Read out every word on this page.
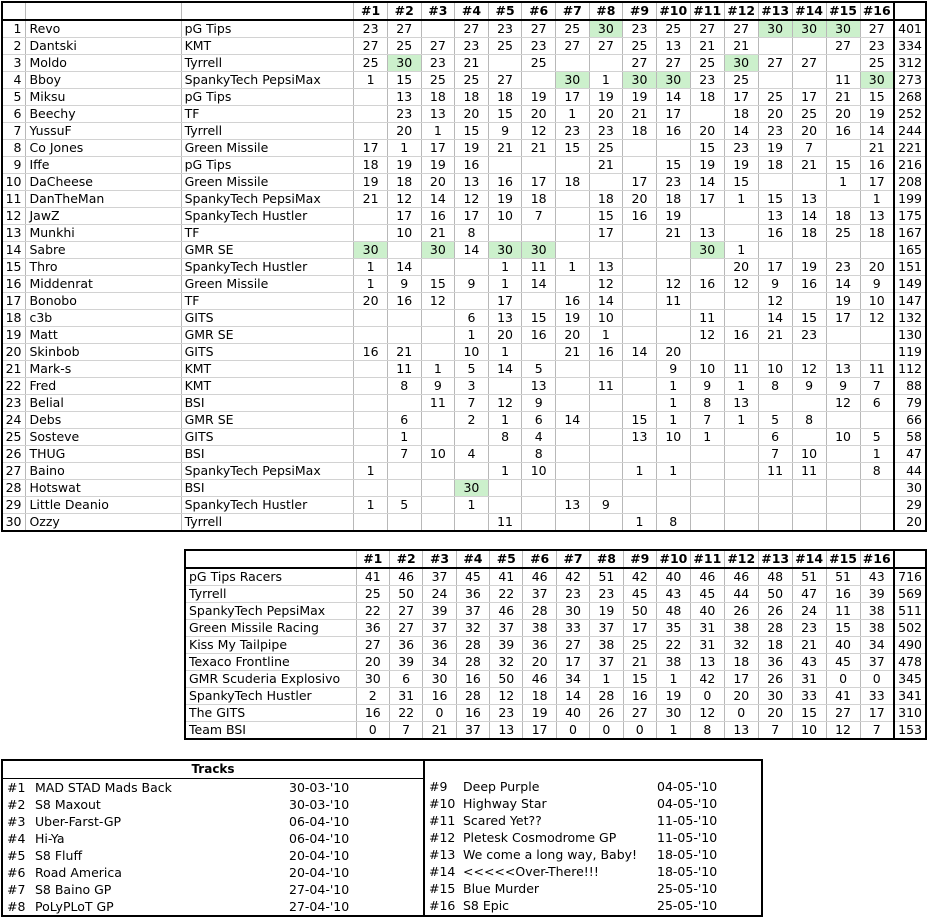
			#1	#2	#3	#4	#5	#6	#7	#8	#9	#10	#11	#12	#13	#14	#15	#16	
1	Revo	pG Tips	23	27		27	23	27	25	30	23	25	27	27	30	30	30	27	401
2	Dantski	KMT	27	25	27	23	25	23	27	27	25	13	21	21			27	23	334
3	Moldo	Tyrrell	25	30	23	21		25			27	27	25	30	27	27		25	312
4	Bboy	SpankyTech PepsiMax	1	15	25	25	27		30	1	30	30	23	25			11	30	273
5	Miksu	pG Tips		13	18	18	18	19	17	19	19	14	18	17	25	17	21	15	268
6	Beechy	TF		23	13	20	15	20	1	20	21	17		18	20	25	20	19	252
7	YussuF	Tyrrell		20	1	15	9	12	23	23	18	16	20	14	23	20	16	14	244
8	Co Jones	Green Missile	17	1	17	19	21	21	15	25			15	23	19	7		21	221
9	Iffe	pG Tips	18	19	19	16				21		15	19	19	18	21	15	16	216
10	DaCheese	Green Missile	19	18	20	13	16	17	18		17	23	14	15			1	17	208
11	DanTheMan	SpankyTech PepsiMax	21	12	14	12	19	18		18	20	18	17	1	15	13		1	199
12	JawZ	SpankyTech Hustler		17	16	17	10	7		15	16	19			13	14	18	13	175
13	Munkhi	TF		10	21	8				17		21	13		16	18	25	18	167
14	Sabre	GMR SE	30		30	14	30	30					30	1					165
15	Thro	SpankyTech Hustler	1	14			1	11	1	13				20	17	19	23	20	151
16	Middenrat	Green Missile	1	9	15	9	1	14		12		12	16	12	9	16	14	9	149
17	Bonobo	TF	20	16	12		17		16	14		11			12		19	10	147
18	c3b	GITS				6	13	15	19	10			11		14	15	17	12	132
19	Matt	GMR SE				1	20	16	20	1			12	16	21	23			130
20	Skinbob	GITS	16	21		10	1		21	16	14	20							119
21	Mark-s	KMT		11	1	5	14	5				9	10	11	10	12	13	11	112
22	Fred	KMT		8	9	3		13		11		1	9	1	8	9	9	7	88
23	Belial	BSI			11	7	12	9				1	8	13			12	6	79
24	Debs	GMR SE		6		2	1	6	14		15	1	7	1	5	8			66
25	Sosteve	GITS		1			8	4			13	10	1		6		10	5	58
26	THUG	BSI		7	10	4		8							7	10		1	47
27	Baino	SpankyTech PepsiMax	1				1	10			1	1			11	11		8	44
28	Hotswat	BSI				30													30
29	Little Deanio	SpankyTech Hustler	1	5		1			13	9									29
30	Ozzy	Tyrrell					11				1	8							20
	#1	#2	#3	#4	#5	#6	#7	#8	#9	#10	#11	#12	#13	#14	#15	#16	
pG Tips Racers	41	46	37	45	41	46	42	51	42	40	46	46	48	51	51	43	716
Tyrrell	25	50	24	36	22	37	23	23	45	43	45	44	50	47	16	39	569
SpankyTech PepsiMax	22	27	39	37	46	28	30	19	50	48	40	26	26	24	11	38	511
Green Missile Racing	36	27	37	32	37	38	33	37	17	35	31	38	28	23	15	38	502
Kiss My Tailpipe	27	36	36	28	39	36	27	38	25	22	31	32	18	21	40	34	490
Texaco Frontline	20	39	34	28	32	20	17	37	21	38	13	18	36	43	45	37	478
GMR Scuderia Explosivo	30	6	30	16	50	46	34	1	15	1	42	17	26	31	0	0	345
SpankyTech Hustler	2	31	16	28	12	18	14	28	16	19	0	20	30	33	41	33	341
The GITS	16	22	0	16	23	19	40	26	27	30	12	0	20	15	27	17	310
Team BSI	0	7	21	37	13	17	0	0	0	1	8	13	7	10	12	7	153
Tracks
#1 MAD STAD Mads Back	30-03-'10
#2 S8 Maxout	30-03-'10
#3 Uber-Farst-GP	06-04-'10
#4 Hi-Ya	06-04-'10
#5 S8 Fluff	20-04-'10
#6 Road America	20-04-'10
#7 S8 Baino GP	27-04-'10
#8 PoLyPLoT GP	27-04-'10
#9 Deep Purple	04-05-'10
#10 Highway Star	04-05-'10
#11 Scared Yet??	11-05-'10
#12 Pletesk Cosmodrome GP	11-05-'10
#13 We come a long way, Baby! 18-05-'10
#14 <<<<<Over-There!!!	18-05-'10
#15 Blue Murder	25-05-'10
#16 S8 Epic	25-05-'10
